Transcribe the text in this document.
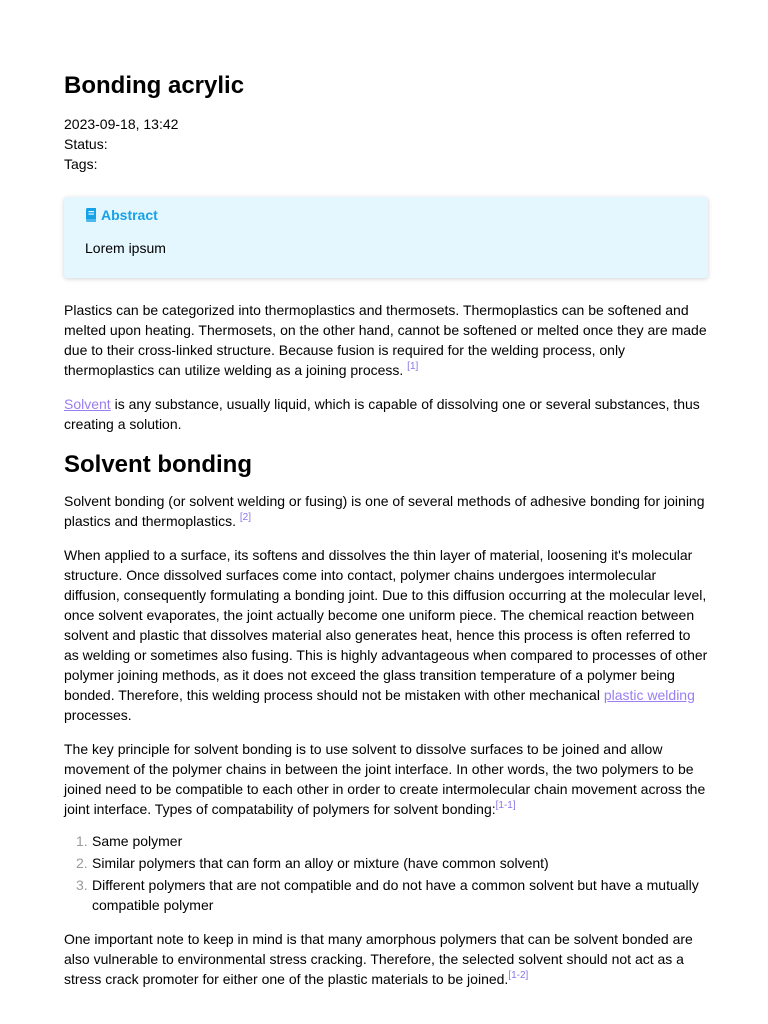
Bonding acrylic
2023-09-18, 13:42
Status:
Tags:
Abstract
Lorem ipsum

Plastics can be categorized into thermoplastics and thermosets. Thermoplastics can be softened and melted upon heating. Thermosets, on the other hand, cannot be softened or melted once they are made due to their cross-linked structure. Because fusion is required for the welding process, only thermoplastics can utilize welding as a joining process. [1]

Solvent is any substance, usually liquid, which is capable of dissolving one or several substances, thus creating a solution.

Solvent bonding

Solvent bonding (or solvent welding or fusing) is one of several methods of adhesive bonding for joining plastics and thermoplastics. [2]

When applied to a surface, its softens and dissolves the thin layer of material, loosening it's molecular structure. Once dissolved surfaces come into contact, polymer chains undergoes intermolecular diffusion, consequently formulating a bonding joint. Due to this diffusion occurring at the molecular level, once solvent evaporates, the joint actually become one uniform piece. The chemical reaction between solvent and plastic that dissolves material also generates heat, hence this process is often referred to as welding or sometimes also fusing. This is highly advantageous when compared to processes of other polymer joining methods, as it does not exceed the glass transition temperature of a polymer being bonded. Therefore, this welding process should not be mistaken with other mechanical plastic welding processes.

The key principle for solvent bonding is to use solvent to dissolve surfaces to be joined and allow movement of the polymer chains in between the joint interface. In other words, the two polymers to be joined need to be compatible to each other in order to create intermolecular chain movement across the joint interface. Types of compatability of polymers for solvent bonding:[1-1]

1. Same polymer
2. Similar polymers that can form an alloy or mixture (have common solvent)
3. Different polymers that are not compatible and do not have a common solvent but have a mutually compatible polymer

One important note to keep in mind is that many amorphous polymers that can be solvent bonded are also vulnerable to environmental stress cracking. Therefore, the selected solvent should not act as a stress crack promoter for either one of the plastic materials to be joined.[1-2]
